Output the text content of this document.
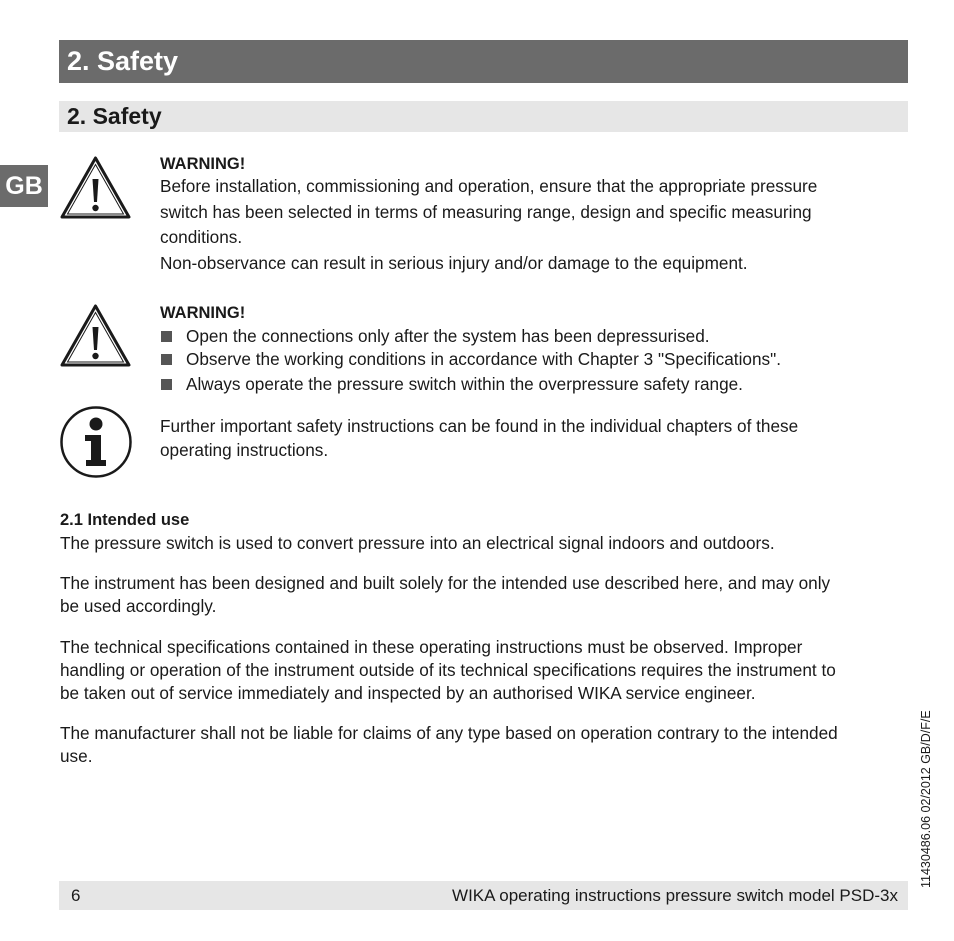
2. Safety
2. Safety
GB
WARNING!
Before installation, commissioning and operation, ensure that the appropriate pressure
switch has been selected in terms of measuring range, design and specific measuring
conditions.
Non-observance can result in serious injury and/or damage to the equipment.
WARNING!
Open the connections only after the system has been depressurised.
Observe the working conditions in accordance with Chapter 3 "Specifications".
Always operate the pressure switch within the overpressure safety range.
Further important safety instructions can be found in the individual chapters of these
operating instructions.
2.1 Intended use
The pressure switch is used to convert pressure into an electrical signal indoors and outdoors.
The instrument has been designed and built solely for the intended use described here, and may only
be used accordingly.
The technical specifications contained in these operating instructions must be observed. Improper
handling or operation of the instrument outside of its technical specifications requires the instrument to
be taken out of service immediately and inspected by an authorised WIKA service engineer.
The manufacturer shall not be liable for claims of any type based on operation contrary to the intended
use.	11430486.06 02/2012 GB/D/F/E
6	WIKA operating instructions pressure switch model PSD-3x
